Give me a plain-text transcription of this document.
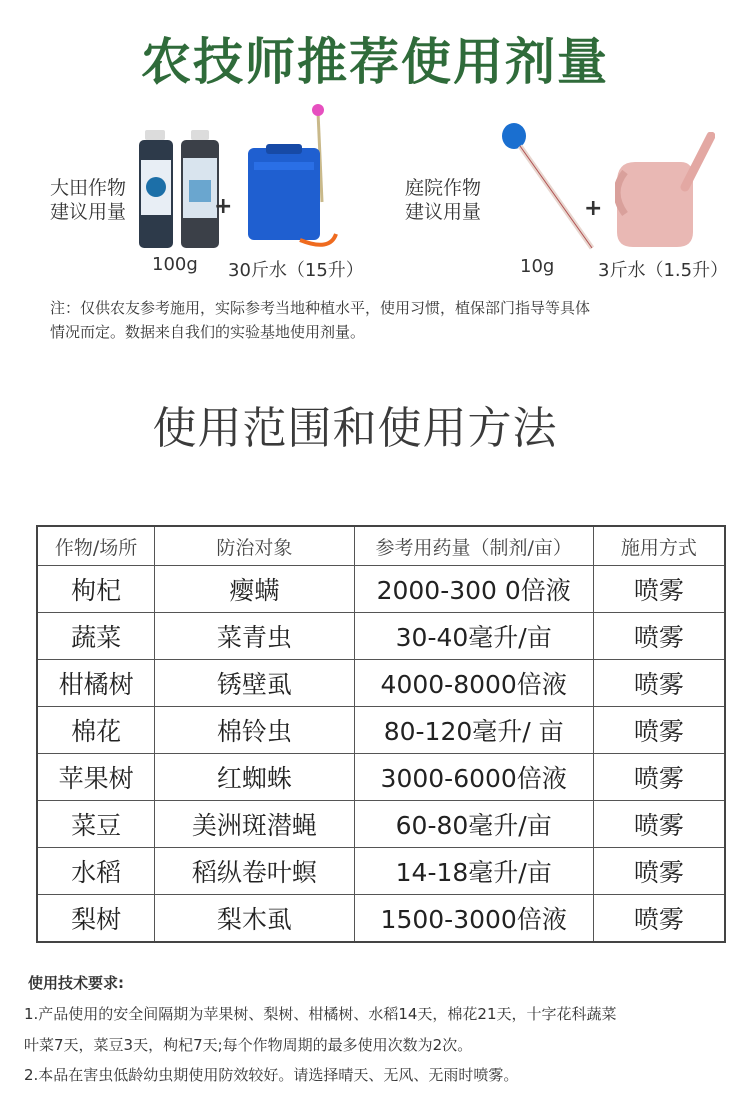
农技师推荐使用剂量
大田作物
建议用量	+
100g 30斤水（15升）
庭院作物
建议用量	+
10g 3斤水（1.5升）
注：仅供农友参考施用，实际参考当地种植水平，使用习惯，植保部门指导等具体
情况而定。数据来自我们的实验基地使用剂量。
使用范围和使用方法
作物/场所	防治对象	参考用药量（制剂/亩）	施用方式
枸杞	瘿螨	2000-300 0倍液	喷雾
蔬菜	菜青虫	30-40毫升/亩	喷雾
柑橘树	锈壁虱	4000-8000倍液	喷雾
棉花	棉铃虫	80-120毫升/ 亩	喷雾
苹果树	红蜘蛛	3000-6000倍液	喷雾
菜豆	美洲斑潜蝇	60-80毫升/亩	喷雾
水稻	稻纵卷叶螟	14-18毫升/亩	喷雾
梨树	梨木虱	1500-3000倍液	喷雾
使用技术要求:
1.产品使用的安全间隔期为苹果树、梨树、柑橘树、水稻14天，棉花21天，十字花科蔬菜
叶菜7天，菜豆3天，枸杞7天;每个作物周期的最多使用次数为2次。
2.本品在害虫低龄幼虫期使用防效较好。请选择晴天、无风、无雨时喷雾。
